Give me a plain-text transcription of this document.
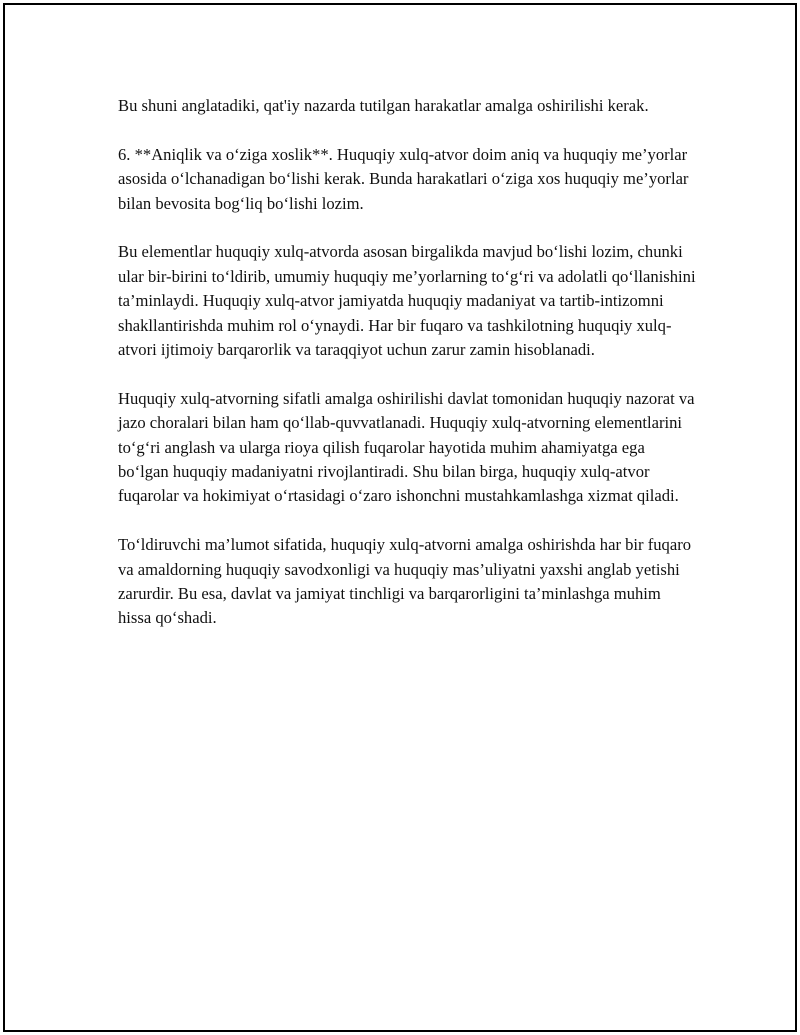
Bu shuni anglatadiki, qat'iy nazarda tutilgan harakatlar amalga oshirilishi kerak.

6. **Aniqlik va o‘ziga xoslik**. Huquqiy xulq-atvor doim aniq va huquqiy me’yorlar asosida o‘lchanadigan bo‘lishi kerak. Bunda harakatlari o‘ziga xos huquqiy me’yorlar bilan bevosita bog‘liq bo‘lishi lozim.

Bu elementlar huquqiy xulq-atvorda asosan birgalikda mavjud bo‘lishi lozim, chunki ular bir-birini to‘ldirib, umumiy huquqiy me’yorlarning to‘g‘ri va adolatli qo‘llanishini ta’minlaydi. Huquqiy xulq-atvor jamiyatda huquqiy madaniyat va tartib-intizomni shakllantirishda muhim rol o‘ynaydi. Har bir fuqaro va tashkilotning huquqiy xulq-atvori ijtimoiy barqarorlik va taraqqiyot uchun zarur zamin hisoblanadi.

Huquqiy xulq-atvorning sifatli amalga oshirilishi davlat tomonidan huquqiy nazorat va jazo choralari bilan ham qo‘llab-quvvatlanadi. Huquqiy xulq-atvorning elementlarini to‘g‘ri anglash va ularga rioya qilish fuqarolar hayotida muhim ahamiyatga ega bo‘lgan huquqiy madaniyatni rivojlantiradi. Shu bilan birga, huquqiy xulq-atvor fuqarolar va hokimiyat o‘rtasidagi o‘zaro ishonchni mustahkamlashga xizmat qiladi.

To‘ldiruvchi ma’lumot sifatida, huquqiy xulq-atvorni amalga oshirishda har bir fuqaro va amaldorning huquqiy savodxonligi va huquqiy mas’uliyatni yaxshi anglab yetishi zarurdir. Bu esa, davlat va jamiyat tinchligi va barqarorligini ta’minlashga muhim hissa qo‘shadi.
